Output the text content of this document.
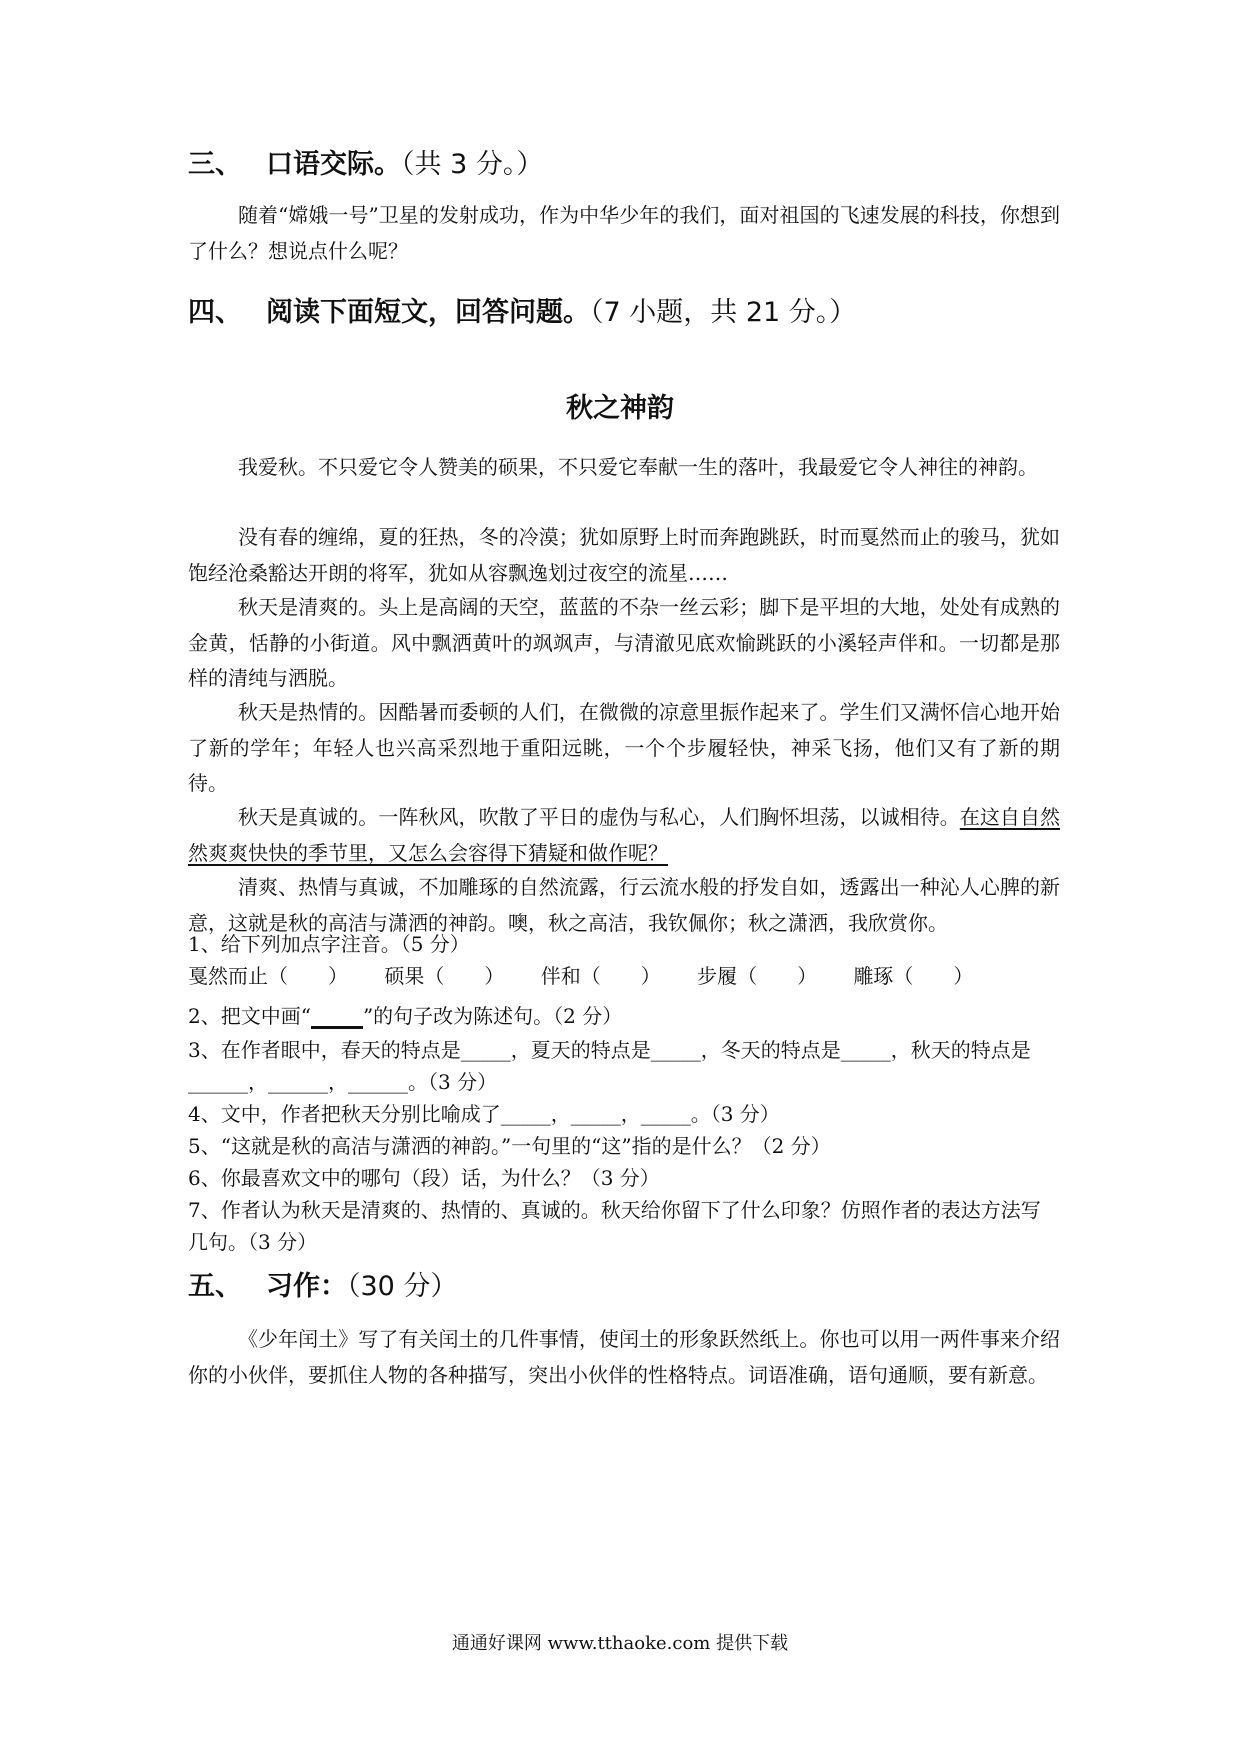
三、 口语交际。（共 3 分。）

随着“嫦娥一号”卫星的发射成功，作为中华少年的我们，面对祖国的飞速发展的科技，你想到了什么？想说点什么呢？

四、 阅读下面短文，回答问题。（7 小题，共 21 分。）
秋之神韵

我爱秋。不只爱它令人赞美的硕果，不只爱它奉献一生的落叶，我最爱它令人神往的神韵。

没有春的缠绵，夏的狂热，冬的冷漠；犹如原野上时而奔跑跳跃，时而戛然而止的骏马，犹如饱经沧桑豁达开朗的将军，犹如从容飘逸划过夜空的流星……

秋天是清爽的。头上是高阔的天空，蓝蓝的不杂一丝云彩；脚下是平坦的大地，处处有成熟的金黄，恬静的小街道。风中飘洒黄叶的飒飒声，与清澈见底欢愉跳跃的小溪轻声伴和。一切都是那样的清纯与洒脱。

秋天是热情的。因酷暑而委顿的人们，在微微的凉意里振作起来了。学生们又满怀信心地开始了新的学年；年轻人也兴高采烈地于重阳远眺，一个个步履轻快，神采飞扬，他们又有了新的期待。

秋天是真诚的。一阵秋风，吹散了平日的虚伪与私心，人们胸怀坦荡，以诚相待。在这自自然然爽爽快快的季节里，又怎么会容得下猜疑和做作呢？

清爽、热情与真诚，不加雕琢的自然流露，行云流水般的抒发自如，透露出一种沁人心脾的新意，这就是秋的高洁与潇洒的神韵。噢，秋之高洁，我钦佩你；秋之潇洒，我欣赏你。

1、给下列加点字注音。（5 分）

戛然而止（　　） 硕果（　　） 伴和（　　） 步履（　　） 雕琢（　　）

2、把文中画“	”的句子改为陈述句。（2 分）

3、在作者眼中，春天的特点是_____，夏天的特点是_____，冬天的特点是_____，秋天的特点是______，______，______。（3 分）

4、文中，作者把秋天分别比喻成了_____，_____，_____。（3 分）

5、“这就是秋的高洁与潇洒的神韵。”一句里的“这”指的是什么？（2 分）

6、你最喜欢文中的哪句（段）话，为什么？（3 分）

7、作者认为秋天是清爽的、热情的、真诚的。秋天给你留下了什么印象？仿照作者的表达方法写几句。（3 分）

五、 习作：（30 分）

《少年闰土》写了有关闰土的几件事情，使闰土的形象跃然纸上。你也可以用一两件事来介绍你的小伙伴，要抓住人物的各种描写，突出小伙伴的性格特点。词语准确，语句通顺，要有新意。

通通好课网 www.tthaoke.com 提供下载
